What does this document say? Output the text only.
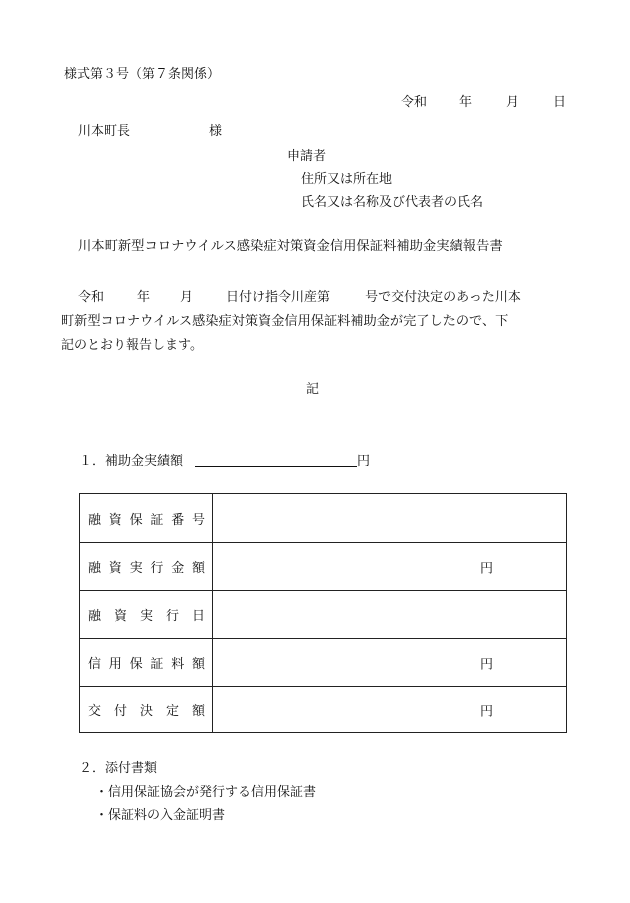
様式第３号（第７条関係）
令和 年	月	日
川本町長	様
申請者
住所又は所在地
氏名又は名称及び代表者の氏名
川本町新型コロナウイルス感染症対策資金信用保証料補助金実績報告書
令和	年 月	日付け指令川産第	号で交付決定のあった川本
町新型コロナウイルス感染症対策資金信用保証料補助金が完了したので、下
記のとおり報告します。
記
１．補助金実績額	円
融 資 保 証 番 号
融 資 実 行 金 額	円
融 資 実 行 日
信 用 保 証 料 額	円
交 付 決 定 額	円
２．添付書類
・信用保証協会が発行する信用保証書
・保証料の入金証明書
